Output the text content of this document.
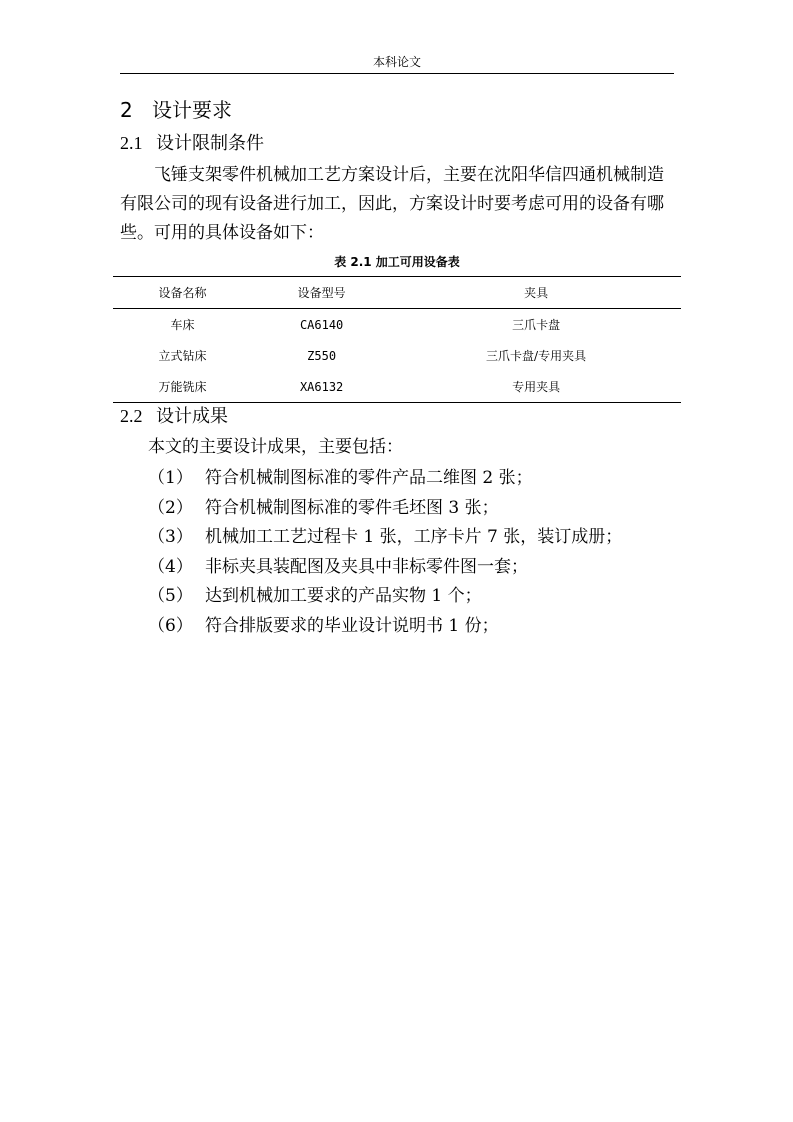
本科论文
2 设计要求
2.1 设计限制条件

飞锤支架零件机械加工艺方案设计后，主要在沈阳华信四通机械制造有限公司的现有设备进行加工，因此，方案设计时要考虑可用的设备有哪些。可用的具体设备如下：

表 2.1 加工可用设备表
设备名称	设备型号	夹具
车床	CA6140	三爪卡盘
立式钻床	Z550	三爪卡盘/专用夹具
万能铣床	XA6132	专用夹具
2.2 设计成果
本文的主要设计成果，主要包括：
（1） 符合机械制图标准的零件产品二维图 2 张；
（2） 符合机械制图标准的零件毛坯图 3 张；
（3） 机械加工工艺过程卡 1 张，工序卡片 7 张，装订成册；
（4） 非标夹具装配图及夹具中非标零件图一套；
（5） 达到机械加工要求的产品实物 1 个；
（6） 符合排版要求的毕业设计说明书 1 份；
